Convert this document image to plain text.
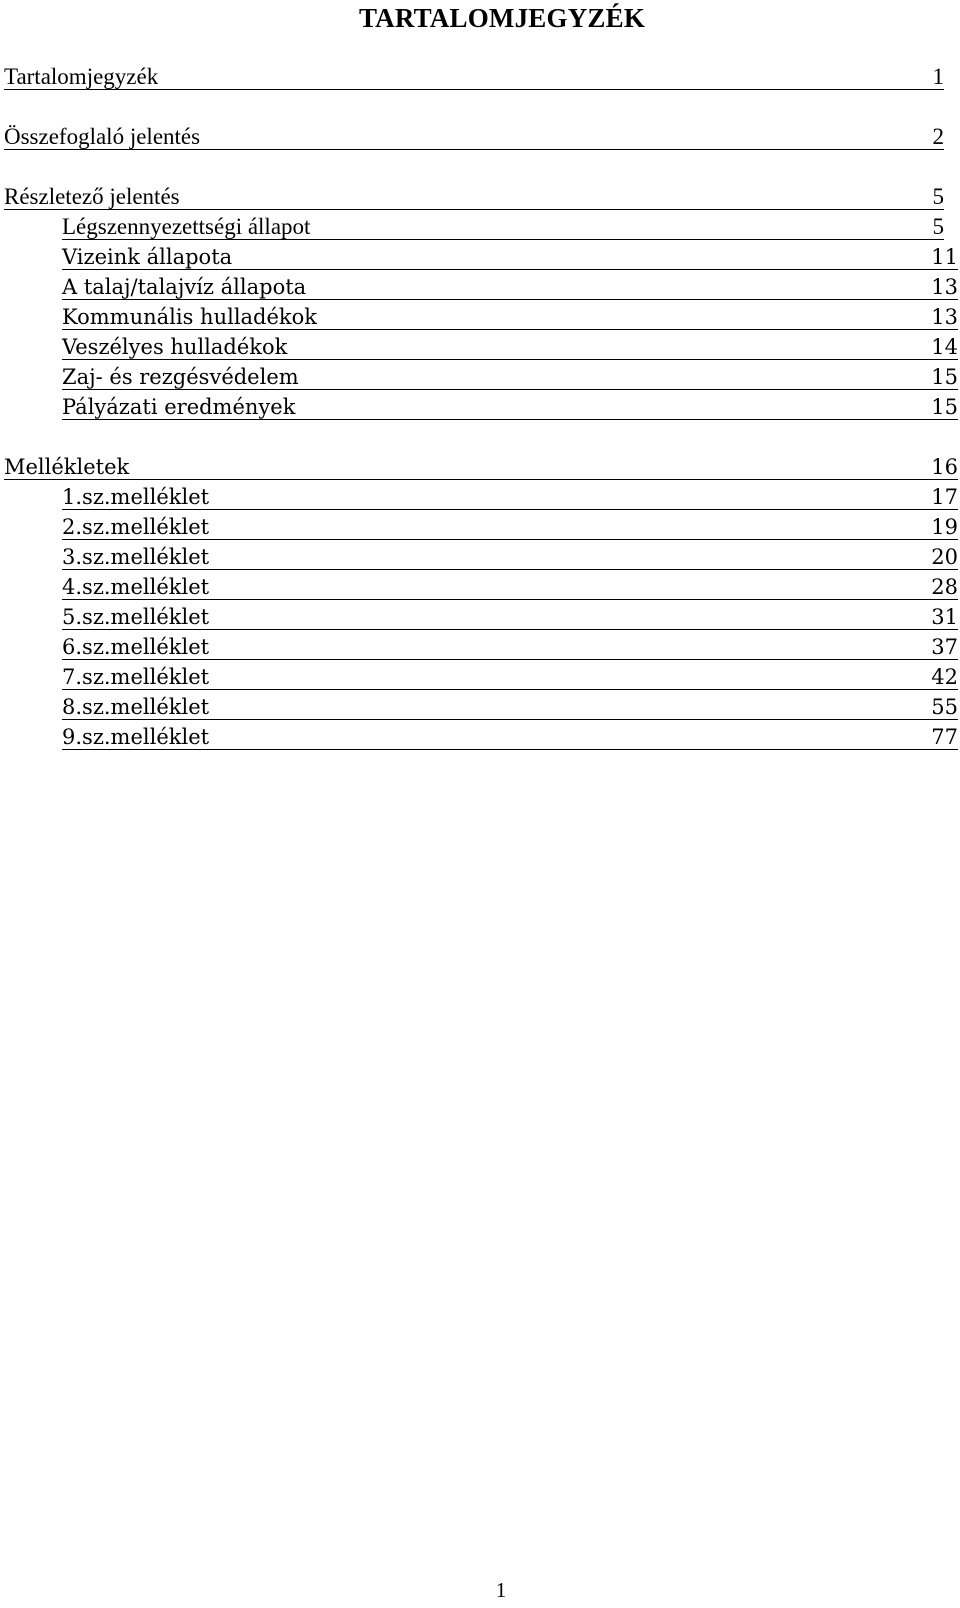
TARTALOMJEGYZÉK
Tartalomjegyzék	1
Összefoglaló jelentés	2
Részletező jelentés	5
Légszennyezettségi állapot	5
Vizeink állapota	11
A talaj/talajvíz állapota	13
Kommunális hulladékok	13
Veszélyes hulladékok	14
Zaj- és rezgésvédelem	15
Pályázati eredmények	15
Mellékletek	16
1.sz.melléklet	17
2.sz.melléklet	19
3.sz.melléklet	20
4.sz.melléklet	28
5.sz.melléklet	31
6.sz.melléklet	37
7.sz.melléklet	42
8.sz.melléklet	55
9.sz.melléklet	77
1
